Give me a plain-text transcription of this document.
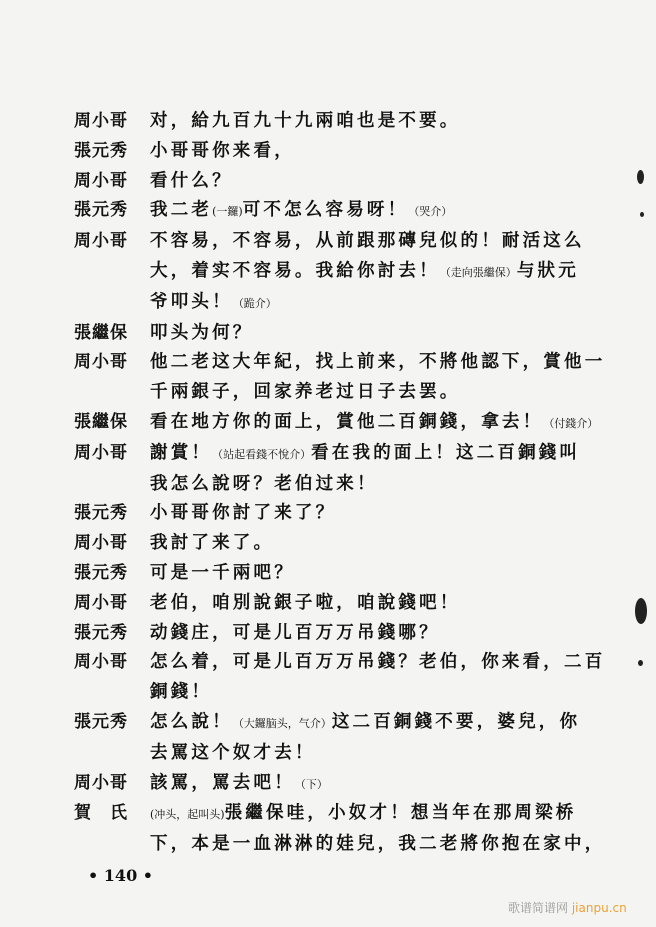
周小哥	对，給九百九十九兩咱也是不要。
張元秀	小哥哥你来看，
周小哥	看什么？
張元秀	我二老(一鑼)可不怎么容易呀！（哭介）
周小哥	不容易，不容易，从前跟那磚兒似的！耐活这么
大，着实不容易。我給你討去！（走向張繼保）与狀元
爷叩头！（跪介）
張繼保	叩头为何？
周小哥	他二老这大年紀，找上前来，不將他認下，賞他一
千兩銀子，回家养老过日子去罢。
張繼保	看在地方你的面上，賞他二百銅錢，拿去！（付錢介）
周小哥	謝賞！（站起看錢不悅介）看在我的面上！这二百銅錢叫
我怎么說呀？老伯过来！
張元秀	小哥哥你討了来了？
周小哥	我討了来了。
張元秀	可是一千兩吧？
周小哥	老伯，咱別說銀子啦，咱說錢吧！
張元秀	动錢庄，可是儿百万万吊錢哪？
周小哥	怎么着，可是儿百万万吊錢？老伯，你来看，二百
銅錢！
張元秀	怎么說！（大鑼脑头，气介）这二百銅錢不要，婆兒，你
去罵这个奴才去！
周小哥	該罵，罵去吧！（下）
賀　氏	(冲头，起叫头)張繼保哇，小奴才！想当年在那周梁桥
下，本是一血淋淋的娃兒，我二老將你抱在家中，
• 140 •
歌谱简谱网 jianpu.cn
